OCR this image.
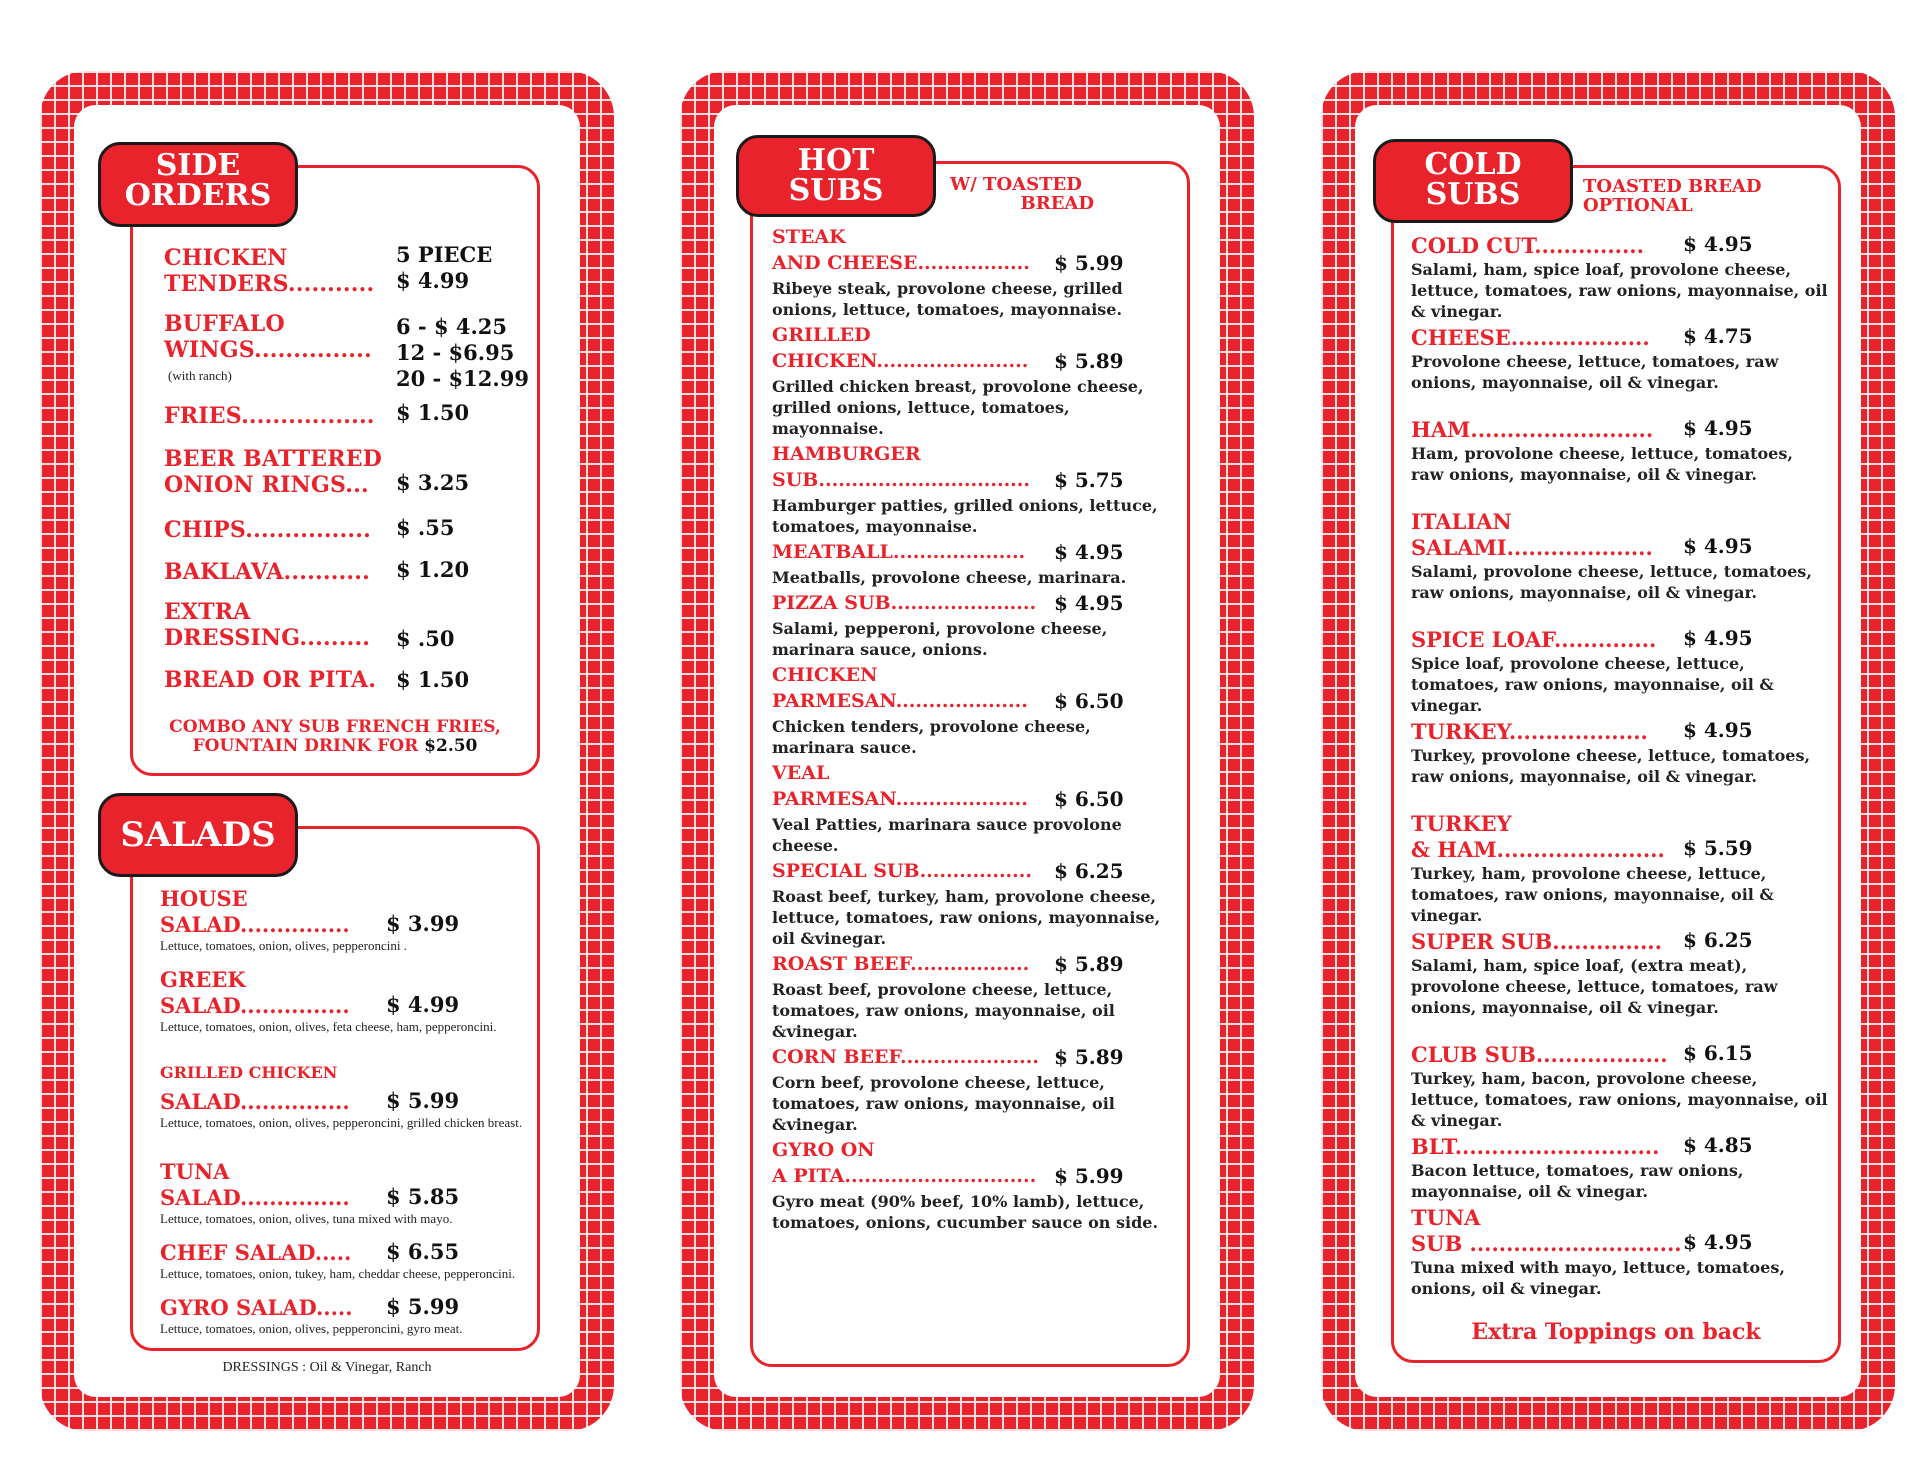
SIDE
ORDERS
CHICKEN
TENDERS...........
5 PIECE
$ 4.99
BUFFALO
WINGS...............
(with ranch)
6 - $ 4.25
12 - $6.95
20 - $12.99
FRIES................. $ 1.50
BEER BATTERED
ONION RINGS... $ 3.25
CHIPS................ $ .55
BAKLAVA........... $ 1.20
EXTRA
DRESSING......... $ .50
BREAD OR PITA. $ 1.50
COMBO ANY SUB FRENCH FRIES,
FOUNTAIN DRINK FOR $2.50
SALADS
HOUSE
SALAD............... $ 3.99
Lettuce, tomatoes, onion, olives, pepperoncini .
GREEK
SALAD............... $ 4.99
Lettuce, tomatoes, onion, olives, feta cheese, ham, pepperoncini.
GRILLED CHICKEN
SALAD............... $ 5.99
Lettuce, tomatoes, onion, olives, pepperoncini, grilled chicken breast.
TUNA
SALAD............... $ 5.85
Lettuce, tomatoes, onion, olives, tuna mixed with mayo.
CHEF SALAD..... $ 6.55
Lettuce, tomatoes, onion, tukey, ham, cheddar cheese, pepperoncini.
GYRO SALAD..... $ 5.99
Lettuce, tomatoes, onion, olives, pepperoncini, gyro meat.
DRESSINGS : Oil & Vinegar, Ranch
HOT
SUBS	W/ TOASTED
BREAD
STEAK
AND CHEESE................. $ 5.99
Ribeye steak, provolone cheese, grilled onions, lettuce, tomatoes, mayonnaise.
GRILLED
CHICKEN....................... $ 5.89
Grilled chicken breast, provolone cheese, grilled onions, lettuce, tomatoes, mayonnaise.
HAMBURGER
SUB................................ $ 5.75
Hamburger patties, grilled onions, lettuce, tomatoes, mayonnaise.
MEATBALL.................... $ 4.95
Meatballs, provolone cheese, marinara.
PIZZA SUB...................... $ 4.95
Salami, pepperoni, provolone cheese, marinara sauce, onions.
CHICKEN
PARMESAN.................... $ 6.50
Chicken tenders, provolone cheese, marinara sauce.
VEAL
PARMESAN.................... $ 6.50
Veal Patties, marinara sauce provolone cheese.
SPECIAL SUB................. $ 6.25
Roast beef, turkey, ham, provolone cheese, lettuce, tomatoes, raw onions, mayonnaise, oil &vinegar.
ROAST BEEF.................. $ 5.89
Roast beef, provolone cheese, lettuce, tomatoes, raw onions, mayonnaise, oil &vinegar.
CORN BEEF..................... $ 5.89
Corn beef, provolone cheese, lettuce, tomatoes, raw onions, mayonnaise, oil &vinegar.
GYRO ON
A PITA............................. $ 5.99
Gyro meat (90% beef, 10% lamb), lettuce, tomatoes, onions, cucumber sauce on side.
COLD
SUBS	TOASTED BREAD
OPTIONAL
COLD CUT............... $ 4.95
Salami, ham, spice loaf, provolone cheese, lettuce, tomatoes, raw onions, mayonnaise, oil & vinegar.
CHEESE................... $ 4.75
Provolone cheese, lettuce, tomatoes, raw onions, mayonnaise, oil & vinegar.
HAM......................... $ 4.95
Ham, provolone cheese, lettuce, tomatoes, raw onions, mayonnaise, oil & vinegar.
ITALIAN
SALAMI.................... $ 4.95
Salami, provolone cheese, lettuce, tomatoes, raw onions, mayonnaise, oil & vinegar.
SPICE LOAF.............. $ 4.95
Spice loaf, provolone cheese, lettuce, tomatoes, raw onions, mayonnaise, oil & vinegar.
TURKEY................... $ 4.95
Turkey, provolone cheese, lettuce, tomatoes, raw onions, mayonnaise, oil & vinegar.
TURKEY
& HAM....................... $ 5.59
Turkey, ham, provolone cheese, lettuce, tomatoes, raw onions, mayonnaise, oil & vinegar.
SUPER SUB............... $ 6.25
Salami, ham, spice loaf, (extra meat), provolone cheese, lettuce, tomatoes, raw onions, mayonnaise, oil & vinegar.
CLUB SUB.................. $ 6.15
Turkey, ham, bacon, provolone cheese, lettuce, tomatoes, raw onions, mayonnaise, oil & vinegar.
BLT............................ $ 4.85
Bacon lettuce, tomatoes, raw onions, mayonnaise, oil & vinegar.
TUNA
SUB ............................. $ 4.95
Tuna mixed with mayo, lettuce, tomatoes, onions, oil & vinegar.
Extra Toppings on back
